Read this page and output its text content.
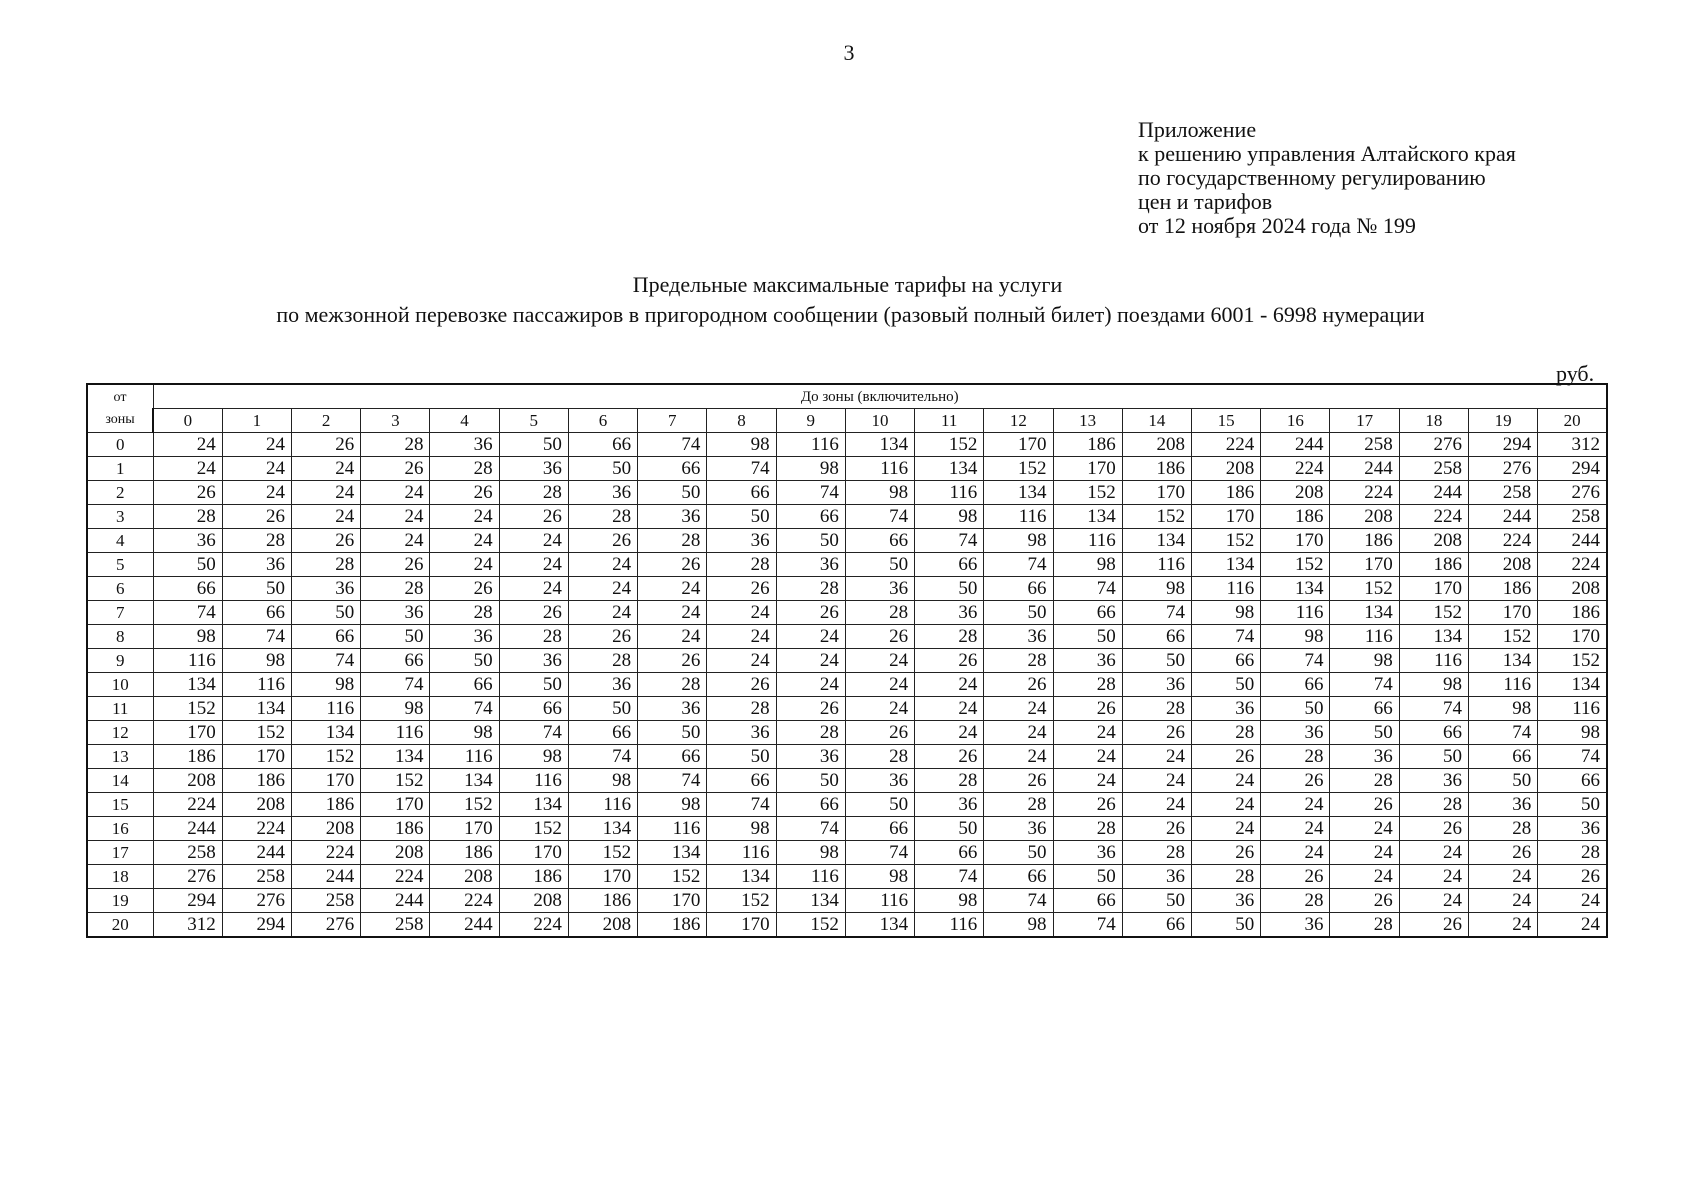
3
Приложение
к решению управления Алтайского края
по государственному регулированию
цен и тарифов
от 12 ноября 2024 года № 199
Предельные максимальные тарифы на услуги
по межзонной перевозке пассажиров в пригородном сообщении (разовый полный билет) поездами 6001 - 6998 нумерации
руб.
от
зоны	До зоны (включительно)																				
	0	1	2	3	4	5	6	7	8	9	10	11	12	13	14	15	16	17	18	19	20
0	24	24	26	28	36	50	66	74	98	116	134	152	170	186	208	224	244	258	276	294	312
1	24	24	24	26	28	36	50	66	74	98	116	134	152	170	186	208	224	244	258	276	294
2	26	24	24	24	26	28	36	50	66	74	98	116	134	152	170	186	208	224	244	258	276
3	28	26	24	24	24	26	28	36	50	66	74	98	116	134	152	170	186	208	224	244	258
4	36	28	26	24	24	24	26	28	36	50	66	74	98	116	134	152	170	186	208	224	244
5	50	36	28	26	24	24	24	26	28	36	50	66	74	98	116	134	152	170	186	208	224
6	66	50	36	28	26	24	24	24	26	28	36	50	66	74	98	116	134	152	170	186	208
7	74	66	50	36	28	26	24	24	24	26	28	36	50	66	74	98	116	134	152	170	186
8	98	74	66	50	36	28	26	24	24	24	26	28	36	50	66	74	98	116	134	152	170
9	116	98	74	66	50	36	28	26	24	24	24	26	28	36	50	66	74	98	116	134	152
10	134	116	98	74	66	50	36	28	26	24	24	24	26	28	36	50	66	74	98	116	134
11	152	134	116	98	74	66	50	36	28	26	24	24	24	26	28	36	50	66	74	98	116
12	170	152	134	116	98	74	66	50	36	28	26	24	24	24	26	28	36	50	66	74	98
13	186	170	152	134	116	98	74	66	50	36	28	26	24	24	24	26	28	36	50	66	74
14	208	186	170	152	134	116	98	74	66	50	36	28	26	24	24	24	26	28	36	50	66
15	224	208	186	170	152	134	116	98	74	66	50	36	28	26	24	24	24	26	28	36	50
16	244	224	208	186	170	152	134	116	98	74	66	50	36	28	26	24	24	24	26	28	36
17	258	244	224	208	186	170	152	134	116	98	74	66	50	36	28	26	24	24	24	26	28
18	276	258	244	224	208	186	170	152	134	116	98	74	66	50	36	28	26	24	24	24	26
19	294	276	258	244	224	208	186	170	152	134	116	98	74	66	50	36	28	26	24	24	24
20	312	294	276	258	244	224	208	186	170	152	134	116	98	74	66	50	36	28	26	24	24
